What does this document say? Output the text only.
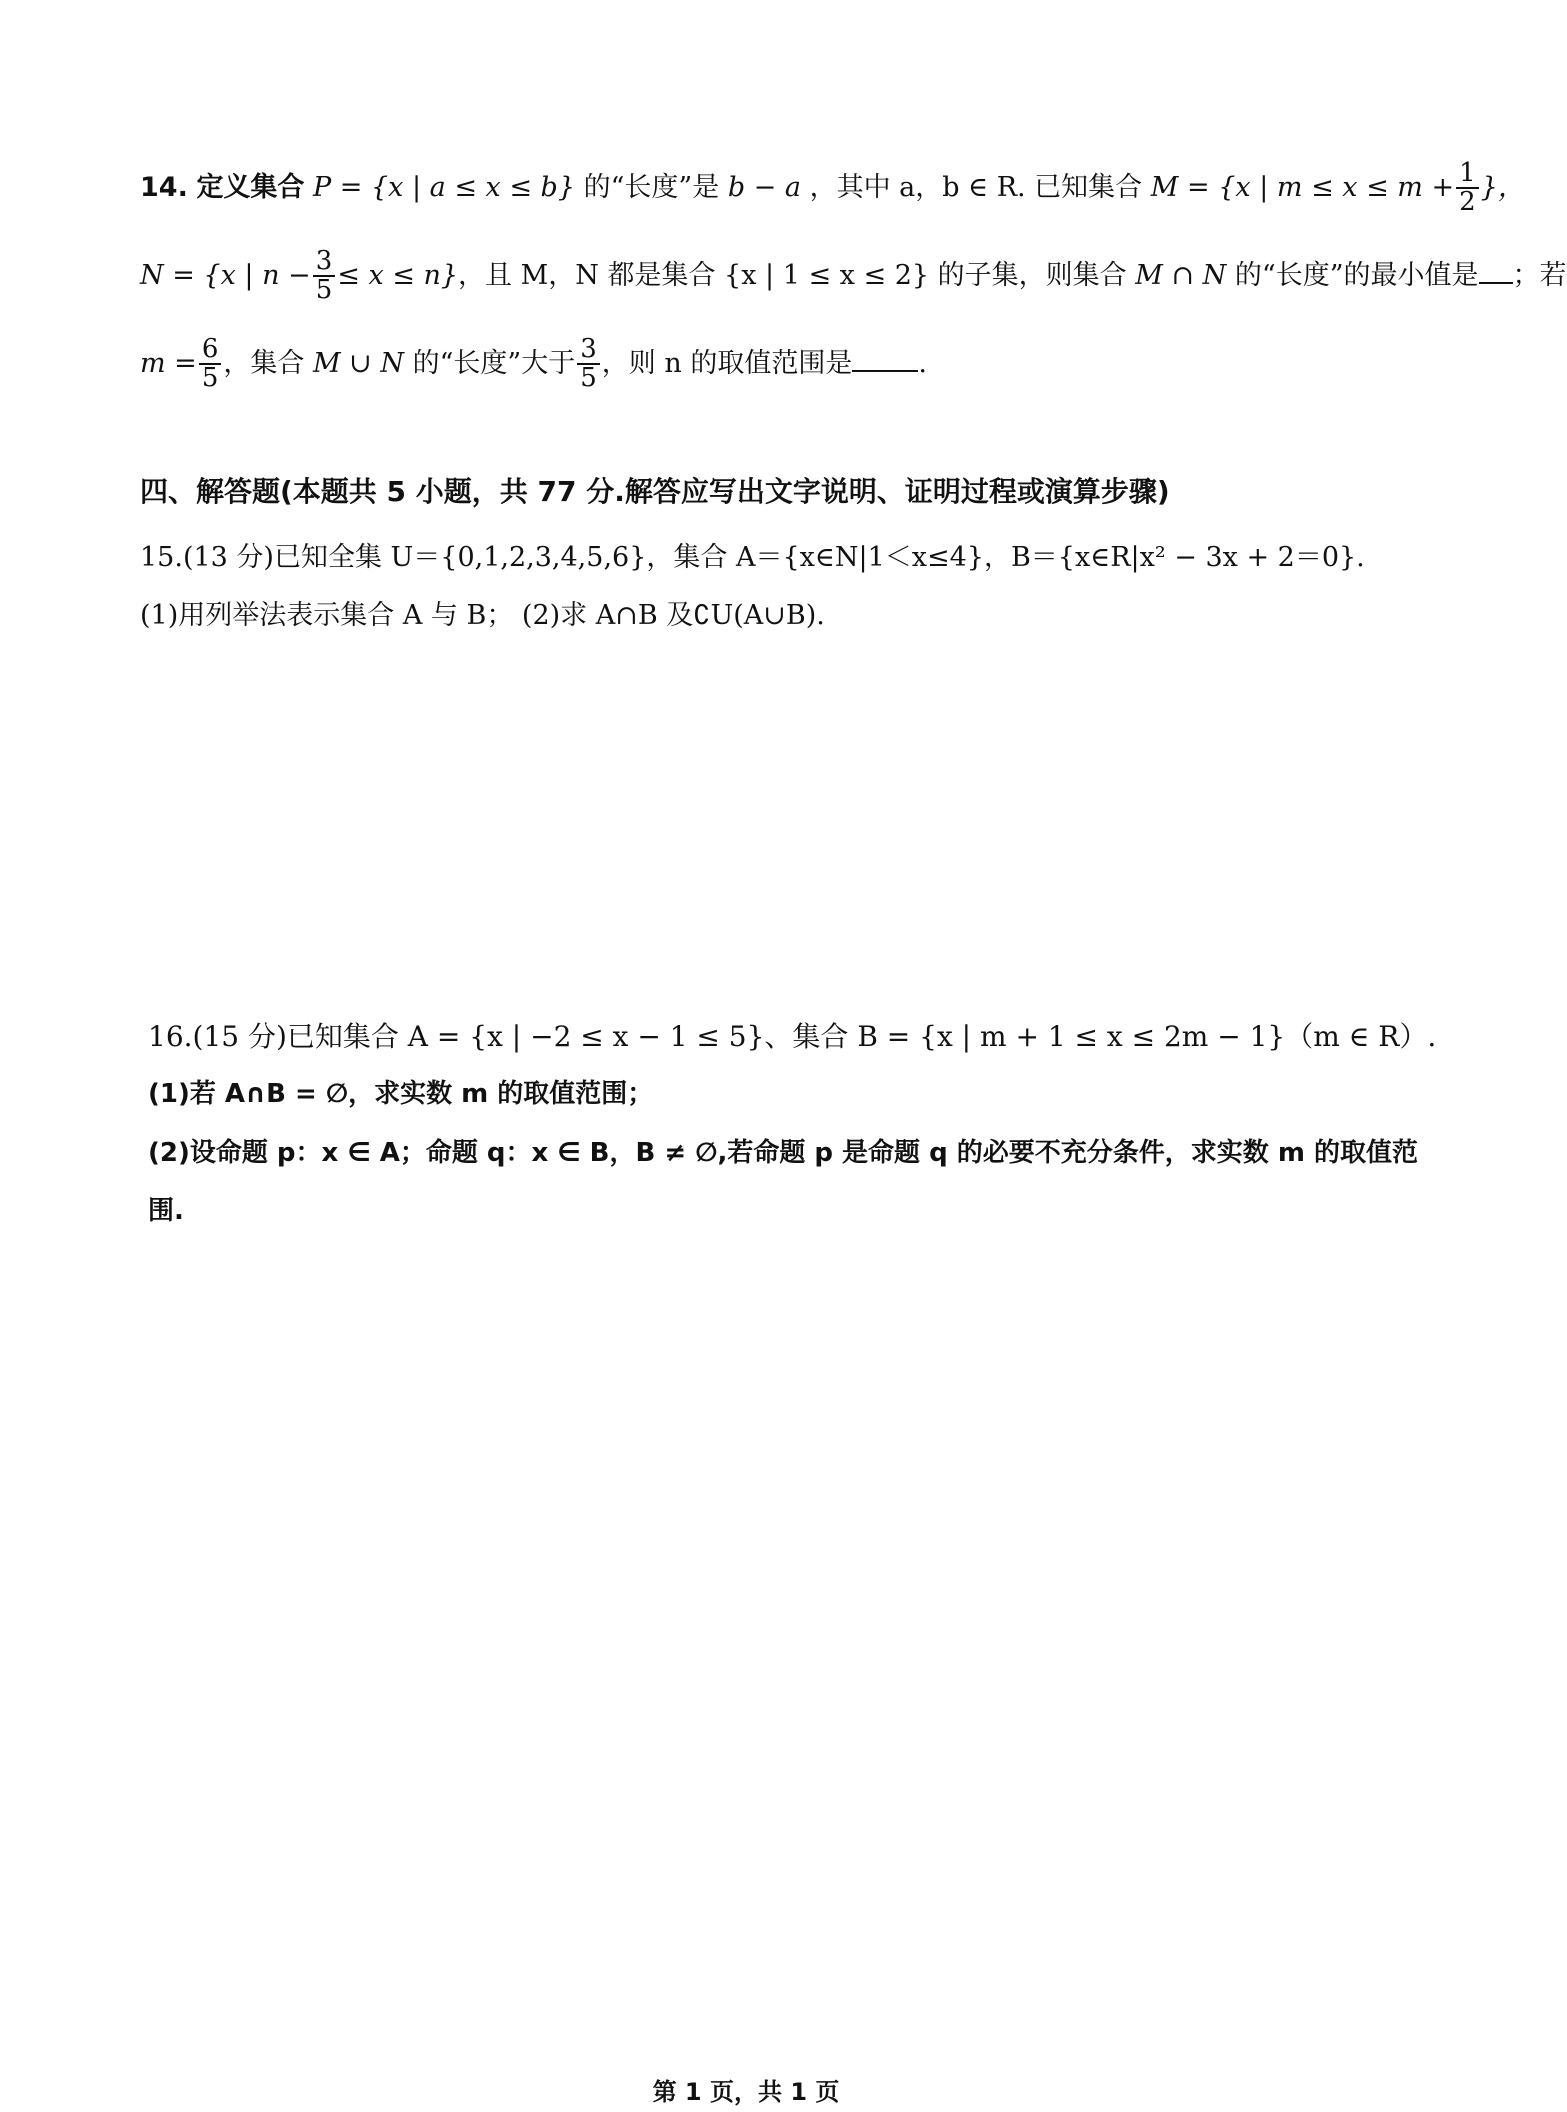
14. 定义集合 P = {x | a ≤ x ≤ b} 的“长度”是 b − a ，其中 a，b ∈ R. 已知集合 M = {x | $m \le x \le m + \frac{1}{2}$ }，
N = {x | $n - \frac{3}{5} \le x \le n$}，且 M，N 都是集合 {x | 1 ≤ x ≤ 2} 的子集，则集合 M ∩ N 的“长度”的最小值是 ；若
$m = \frac{6}{5}$ ，集合 M ∪ N 的“长度”大于 $\frac{3}{5}$ ，则 n 的取值范围是 .
四、解答题(本题共 5 小题，共 77 分.解答应写出文字说明、证明过程或演算步骤)
15.(13 分)已知全集 U＝{0,1,2,3,4,5,6}，集合 A＝{x∈N|1＜x≤4}，B＝{x∈R|x² − 3x + 2＝0}.
(1)用列举法表示集合 A 与 B； (2)求 A∩B 及∁U(A∪B).
16.(15 分)已知集合 A = {x | −2 ≤ x − 1 ≤ 5}、集合 B = {x | m + 1 ≤ x ≤ 2m − 1}（m ∈ R）.
(1)若 A∩B = ∅，求实数 m 的取值范围；
(2)设命题 p：x ∈ A；命题 q：x ∈ B，B ≠ ∅,若命题 p 是命题 q 的必要不充分条件，求实数 m 的取值范
围.
第 1 页，共 1 页
